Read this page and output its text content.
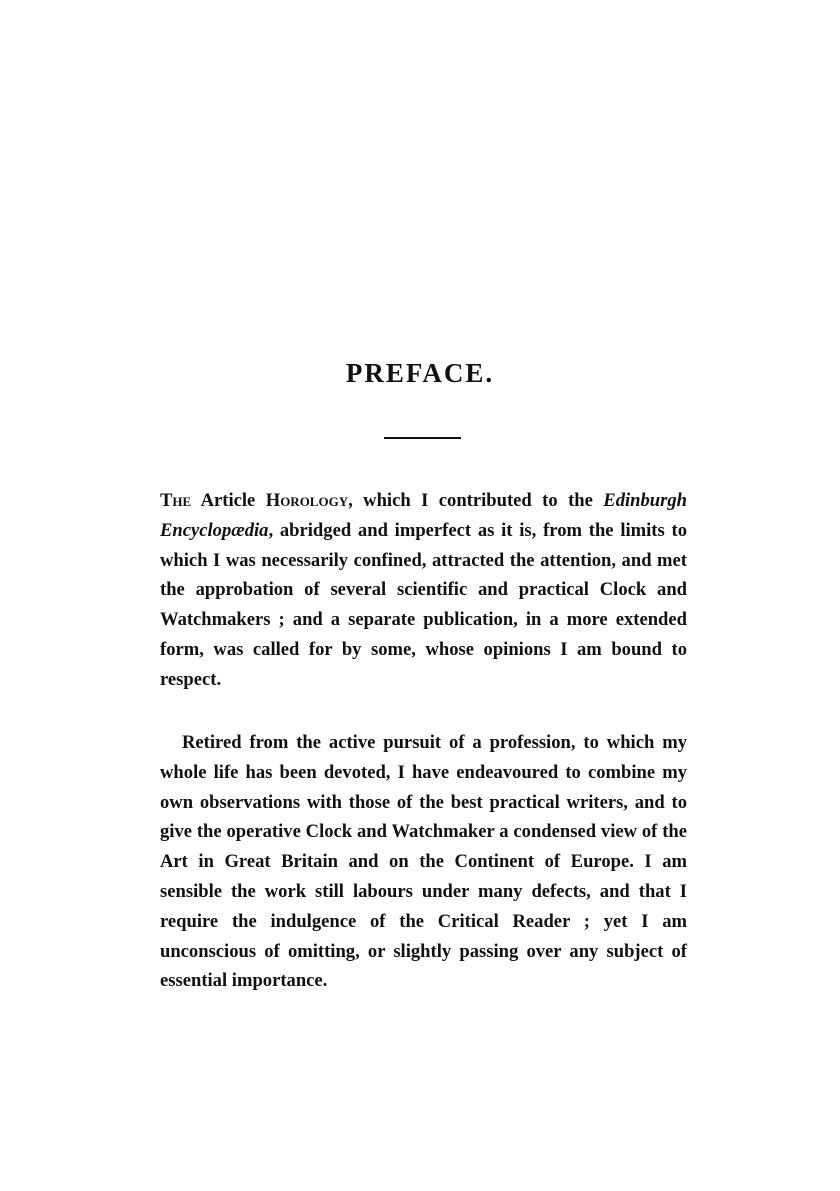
PREFACE.

The Article Horology, which I contributed to the Edinburgh Encyclopædia, abridged and imperfect as it is, from the limits to which I was necessarily confined, attracted the attention, and met the approbation of several scientific and practical Clock and Watchmakers ; and a separate publication, in a more extended form, was called for by some, whose opinions I am bound to respect.

Retired from the active pursuit of a profession, to which my whole life has been devoted, I have endeavoured to combine my own observations with those of the best practical writers, and to give the operative Clock and Watchmaker a condensed view of the Art in Great Britain and on the Continent of Europe. I am sensible the work still labours under many defects, and that I require the indulgence of the Critical Reader ; yet I am unconscious of omitting, or slightly passing over any subject of essential importance.
